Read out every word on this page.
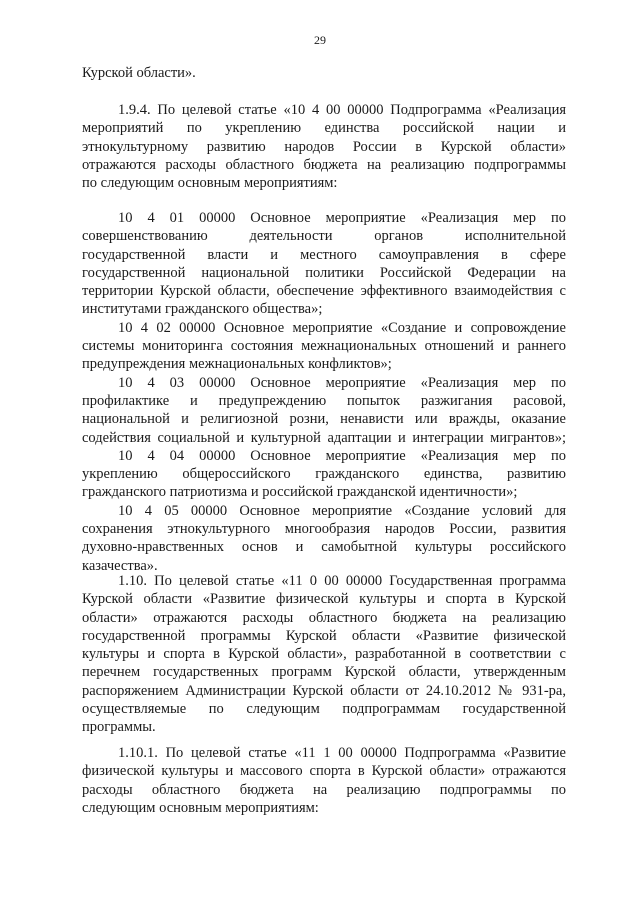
29
Курской области».
1.9.4. По целевой статье «10 4 00 00000 Подпрограмма «Реализация
мероприятий по укреплению единства российской нации и
этнокультурному развитию народов России в Курской области»
отражаются расходы областного бюджета на реализацию подпрограммы
по следующим основным мероприятиям:
10 4 01 00000 Основное мероприятие «Реализация мер по
совершенствованию деятельности органов исполнительной
государственной власти и местного самоуправления в сфере
государственной национальной политики Российской Федерации на
территории Курской области, обеспечение эффективного взаимодействия с
институтами гражданского общества»;
10 4 02 00000 Основное мероприятие «Создание и сопровождение
системы мониторинга состояния межнациональных отношений и раннего
предупреждения межнациональных конфликтов»;
10 4 03 00000 Основное мероприятие «Реализация мер по
профилактике и предупреждению попыток разжигания расовой,
национальной и религиозной розни, ненависти или вражды, оказание
содействия социальной и культурной адаптации и интеграции мигрантов»;
10 4 04 00000 Основное мероприятие «Реализация мер по
укреплению общероссийского гражданского единства, развитию
гражданского патриотизма и российской гражданской идентичности»;
10 4 05 00000 Основное мероприятие «Создание условий для
сохранения этнокультурного многообразия народов России, развития
духовно-нравственных основ и самобытной культуры российского
казачества».
1.10. По целевой статье «11 0 00 00000 Государственная программа
Курской области «Развитие физической культуры и спорта в Курской
области» отражаются расходы областного бюджета на реализацию
государственной программы Курской области «Развитие физической
культуры и спорта в Курской области», разработанной в соответствии с
перечнем государственных программ Курской области, утвержденным
распоряжением Администрации Курской области от 24.10.2012 № 931-ра,
осуществляемые по следующим подпрограммам государственной
программы.
1.10.1. По целевой статье «11 1 00 00000 Подпрограмма «Развитие
физической культуры и массового спорта в Курской области» отражаются
расходы областного бюджета на реализацию подпрограммы по
следующим основным мероприятиям:
